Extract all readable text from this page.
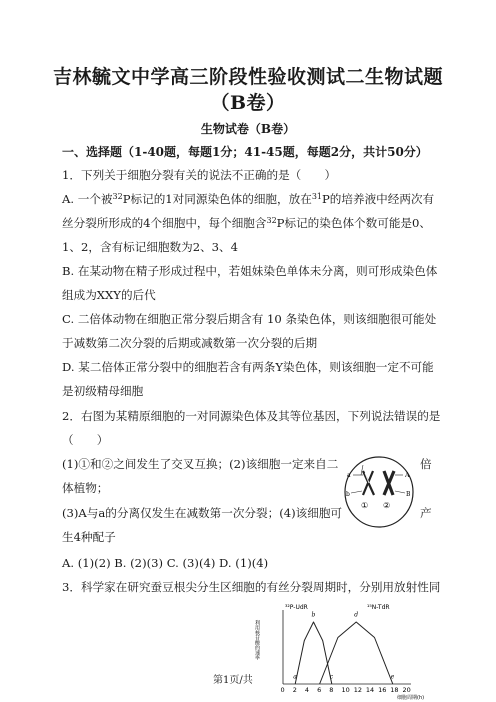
吉林毓文中学高三阶段性验收测试二生物试题
（B卷）
生物试卷（B卷）
一、选择题（1-40题，每题1分；41-45题，每题2分，共计50分）
1．下列关于细胞分裂有关的说法不正确的是（　　）
A. 一个被$^{32}$P标记的1对同源染色体的细胞，放在$^{31}$P的培养液中经两次有
丝分裂所形成的4个细胞中，每个细胞含$^{32}$P标记的染色体个数可能是0、
1、2，含有标记细胞数为2、3、4
B. 在某动物在精子形成过程中，若姐妹染色单体未分离，则可形成染色体
组成为XXY的后代
C. 二倍体动物在细胞正常分裂后期含有 10 条染色体，则该细胞很可能处
于减数第二次分裂的后期或减数第一次分裂的后期
D. 某二倍体正常分裂中的细胞若含有两条Y染色体，则该细胞一定不可能
是初级精母细胞
2．右图为某精原细胞的一对同源染色体及其等位基因，下列说法错误的是
（　　）
(1)①和②之间发生了交叉互换；(2)该细胞一定来自二	倍
体植物；
(3)A与a的分离仅发生在减数第一次分裂；(4)该细胞可	产
生4种配子
A. (1)(2) B. (2)(3) C. (3)(4) D. (1)(4)
a	A
b	B
① ②
3．科学家在研究蚕豆根尖分生区细胞的有丝分裂周期时，分别用放射性同
0 2 4 6 8 10 12 14 16 18 20
细胞周期(h)
利用核苷酸的速率
³²P-UdR	¹⁵N-TdR
a
b
c
d
e
第1页/共
